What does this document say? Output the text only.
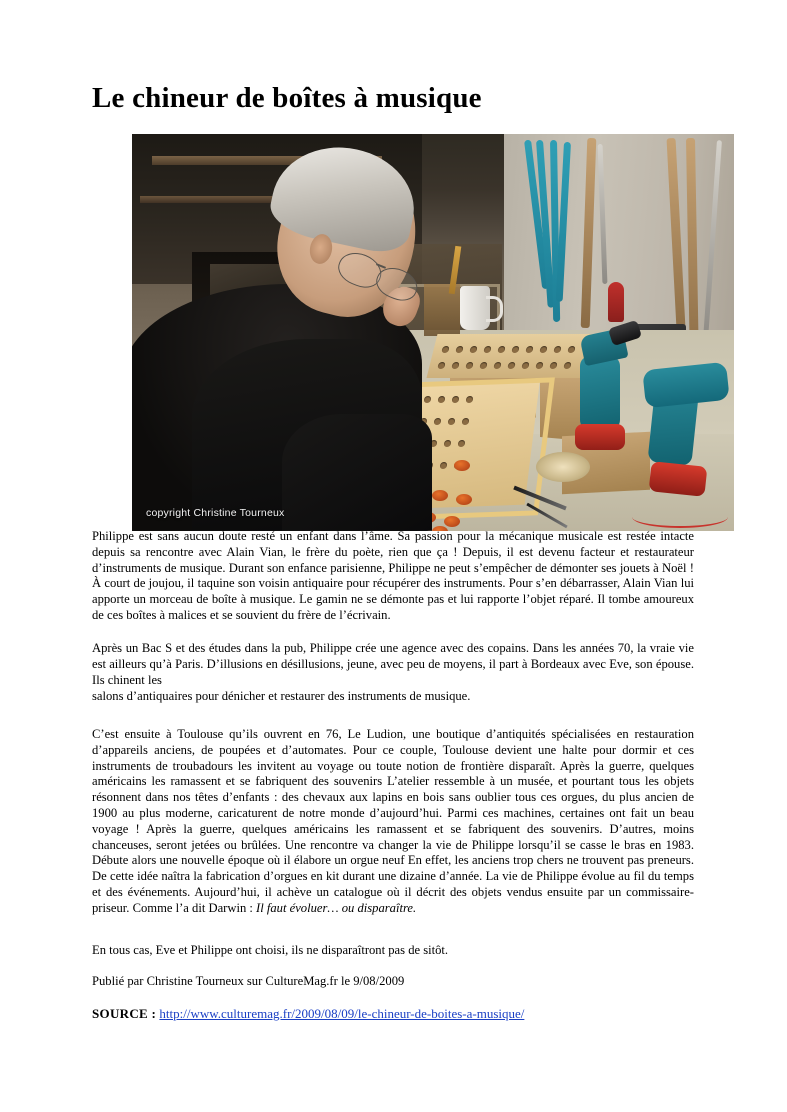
Le chineur de boîtes à musique
copyright Christine Tourneux

Philippe est sans aucun doute resté un enfant dans l’âme. Sa passion pour la mécanique musicale est restée intacte depuis sa rencontre avec Alain Vian, le frère du poète, rien que ça ! Depuis, il est devenu facteur et restaurateur d’instruments de musique. Durant son enfance parisienne, Philippe ne peut s’empêcher de démonter ses jouets à Noël ! À court de joujou, il taquine son voisin antiquaire pour récupérer des instruments. Pour s’en débarrasser, Alain Vian lui apporte un morceau de boîte à musique. Le gamin ne se démonte pas et lui rapporte l’objet réparé. Il tombe amoureux de ces boîtes à malices et se souvient du frère de l’écrivain.

Après un Bac S et des études dans la pub, Philippe crée une agence avec des copains. Dans les années 70, la vraie vie est ailleurs qu’à Paris. D’illusions en désillusions, jeune, avec peu de moyens, il part à Bordeaux avec Eve, son épouse. Ils chinent les

salons d’antiquaires pour dénicher et restaurer des instruments de musique.

C’est ensuite à Toulouse qu’ils ouvrent en 76, Le Ludion, une boutique d’antiquités spécialisées en restauration d’appareils anciens, de poupées et d’automates. Pour ce couple, Toulouse devient une halte pour dormir et ces instruments de troubadours les invitent au voyage ou toute notion de frontière disparaît. Après la guerre, quelques américains les ramassent et se fabriquent des souvenirs L’atelier ressemble à un musée, et pourtant tous les objets résonnent dans nos têtes d’enfants : des chevaux aux lapins en bois sans oublier tous ces orgues, du plus ancien de 1900 au plus moderne, caricaturent de notre monde d’aujourd’hui. Parmi ces machines, certaines ont fait un beau voyage ! Après la guerre, quelques américains les ramassent et se fabriquent des souvenirs. D’autres, moins chanceuses, seront jetées ou brûlées. Une rencontre va changer la vie de Philippe lorsqu’il se casse le bras en 1983. Débute alors une nouvelle époque où il élabore un orgue neuf En effet, les anciens trop chers ne trouvent pas preneurs. De cette idée naîtra la fabrication d’orgues en kit durant une dizaine d’année. La vie de Philippe évolue au fil du temps et des événements. Aujourd’hui, il achève un catalogue où il décrit des objets vendus ensuite par un commissaire-priseur. Comme l’a dit Darwin : Il faut évoluer… ou disparaître.

En tous cas, Eve et Philippe ont choisi, ils ne disparaîtront pas de sitôt.

Publié par Christine Tourneux sur CultureMag.fr le 9/08/2009
SOURCE : http://www.culturemag.fr/2009/08/09/le-chineur-de-boites-a-musique/
